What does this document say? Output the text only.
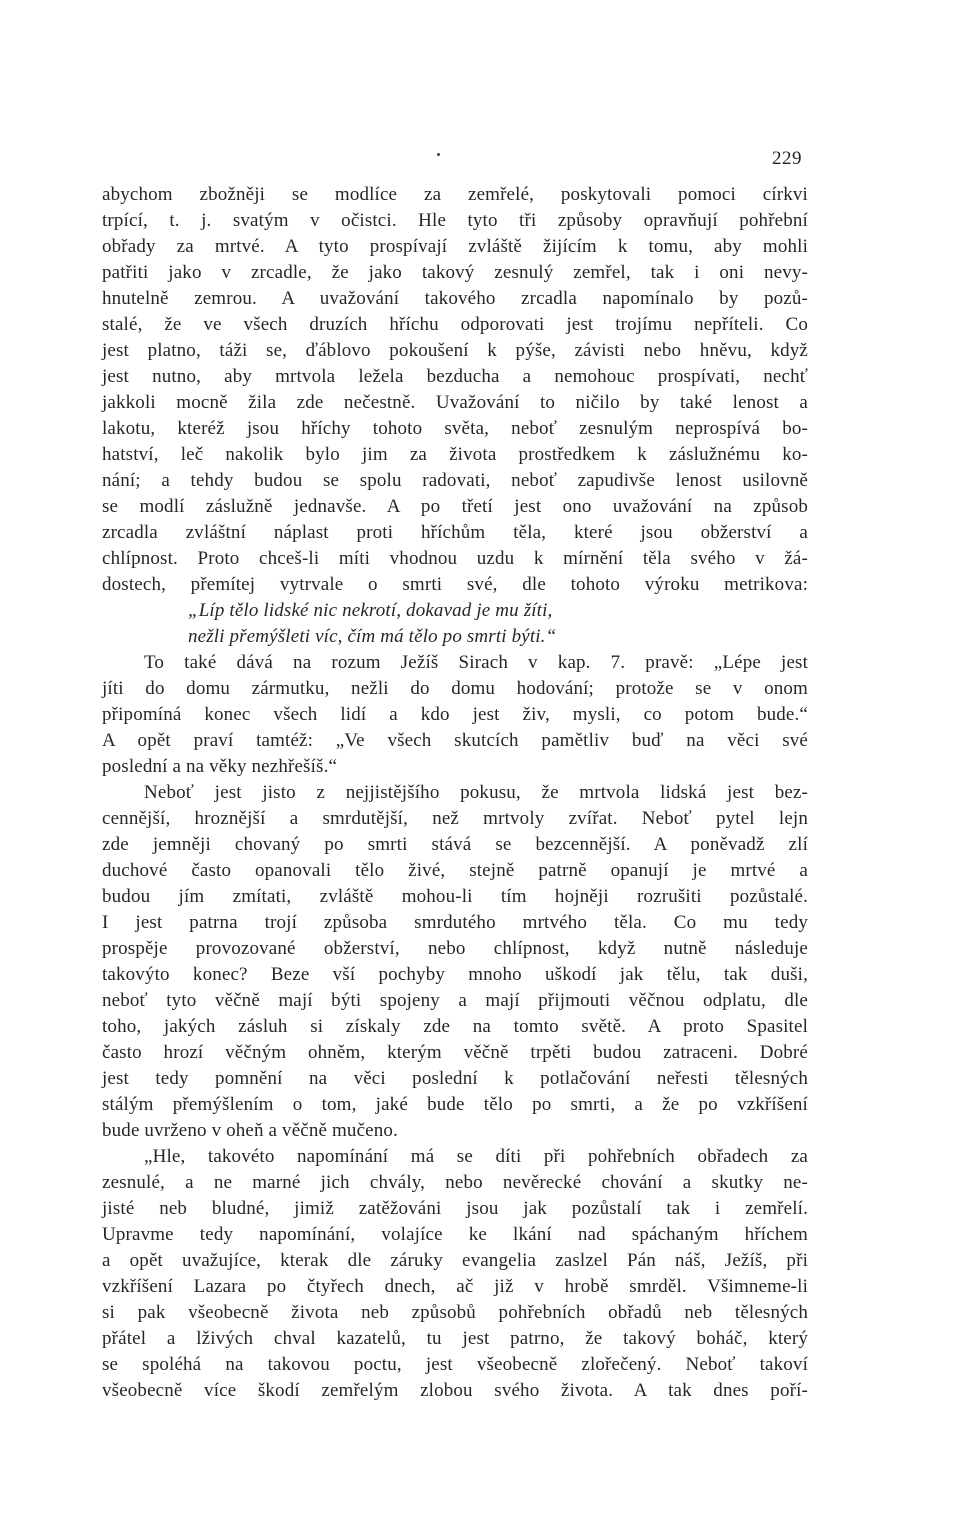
229
abychom zbožněji se modlíce za zemřelé, poskytovali pomoci církvi
trpící, t. j. svatým v očistci. Hle tyto tři způsoby opravňují pohřební
obřady za mrtvé. A tyto prospívají zvláště žijícím k tomu, aby mohli
patřiti jako v zrcadle, že jako takový zesnulý zemřel, tak i oni nevy-
hnutelně zemrou. A uvažování takového zrcadla napomínalo by pozů-
stalé, že ve všech druzích hříchu odporovati jest trojímu nepříteli. Co
jest platno, táži se, ďáblovo pokoušení k pýše, závisti nebo hněvu, když
jest nutno, aby mrtvola ležela bezducha a nemohouc prospívati, nechť
jakkoli mocně žila zde nečestně. Uvažování to ničilo by také lenost a
lakotu, kteréž jsou hříchy tohoto světa, neboť zesnulým neprospívá bo-
hatství, leč nakolik bylo jim za života prostředkem k záslužnému ko-
nání; a tehdy budou se spolu radovati, neboť zapudivše lenost usilovně
se modlí záslužně jednavše. A po třetí jest ono uvažování na způsob
zrcadla zvláštní náplast proti hříchům těla, které jsou obžerství a
chlípnost. Proto chceš-li míti vhodnou uzdu k mírnění těla svého v žá-
dostech, přemítej vytrvale o smrti své, dle tohoto výroku metrikova:
„Líp tělo lidské nic nekrotí, dokavad je mu žíti,
nežli přemýšleti víc, čím má tělo po smrti býti.“
To také dává na rozum Ježíš Sirach v kap. 7. pravě: „Lépe jest
jíti do domu zármutku, nežli do domu hodování; protože se v onom
připomíná konec všech lidí a kdo jest živ, mysli, co potom bude.“
A opět praví tamtéž: „Ve všech skutcích pamětliv buď na věci své
poslední a na věky nezhřešíš.“
Neboť jest jisto z nejjistějšího pokusu, že mrtvola lidská jest bez-
cennější, hroznější a smrdutější, než mrtvoly zvířat. Neboť pytel lejn
zde jemněji chovaný po smrti stává se bezcennější. A poněvadž zlí
duchové často opanovali tělo živé, stejně patrně opanují je mrtvé a
budou jím zmítati, zvláště mohou-li tím hojněji rozrušiti pozůstalé.
I jest patrna trojí způsoba smrdutého mrtvého těla. Co mu tedy
prospěje provozované obžerství, nebo chlípnost, když nutně následuje
takovýto konec? Beze vší pochyby mnoho uškodí jak tělu, tak duši,
neboť tyto věčně mají býti spojeny a mají přijmouti věčnou odplatu, dle
toho, jakých zásluh si získaly zde na tomto světě. A proto Spasitel
často hrozí věčným ohněm, kterým věčně trpěti budou zatraceni. Dobré
jest tedy pomnění na věci poslední k potlačování neřesti tělesných
stálým přemýšlením o tom, jaké bude tělo po smrti, a že po vzkříšení
bude uvrženo v oheň a věčně mučeno.
„Hle, takovéto napomínání má se díti při pohřebních obřadech za
zesnulé, a ne marné jich chvály, nebo nevěrecké chování a skutky ne-
jisté neb bludné, jimiž zatěžováni jsou jak pozůstalí tak i zemřelí.
Upravme tedy napomínání, volajíce ke lkání nad spáchaným hříchem
a opět uvažujíce, kterak dle záruky evangelia zaslzel Pán náš, Ježíš, při
vzkříšení Lazara po čtyřech dnech, ač již v hrobě smrděl. Všimneme-li
si pak všeobecně života neb způsobů pohřebních obřadů neb tělesných
přátel a lživých chval kazatelů, tu jest patrno, že takový boháč, který
se spoléhá na takovou poctu, jest všeobecně zlořečený. Neboť takoví
všeobecně více škodí zemřelým zlobou svého života. A tak dnes poří-
